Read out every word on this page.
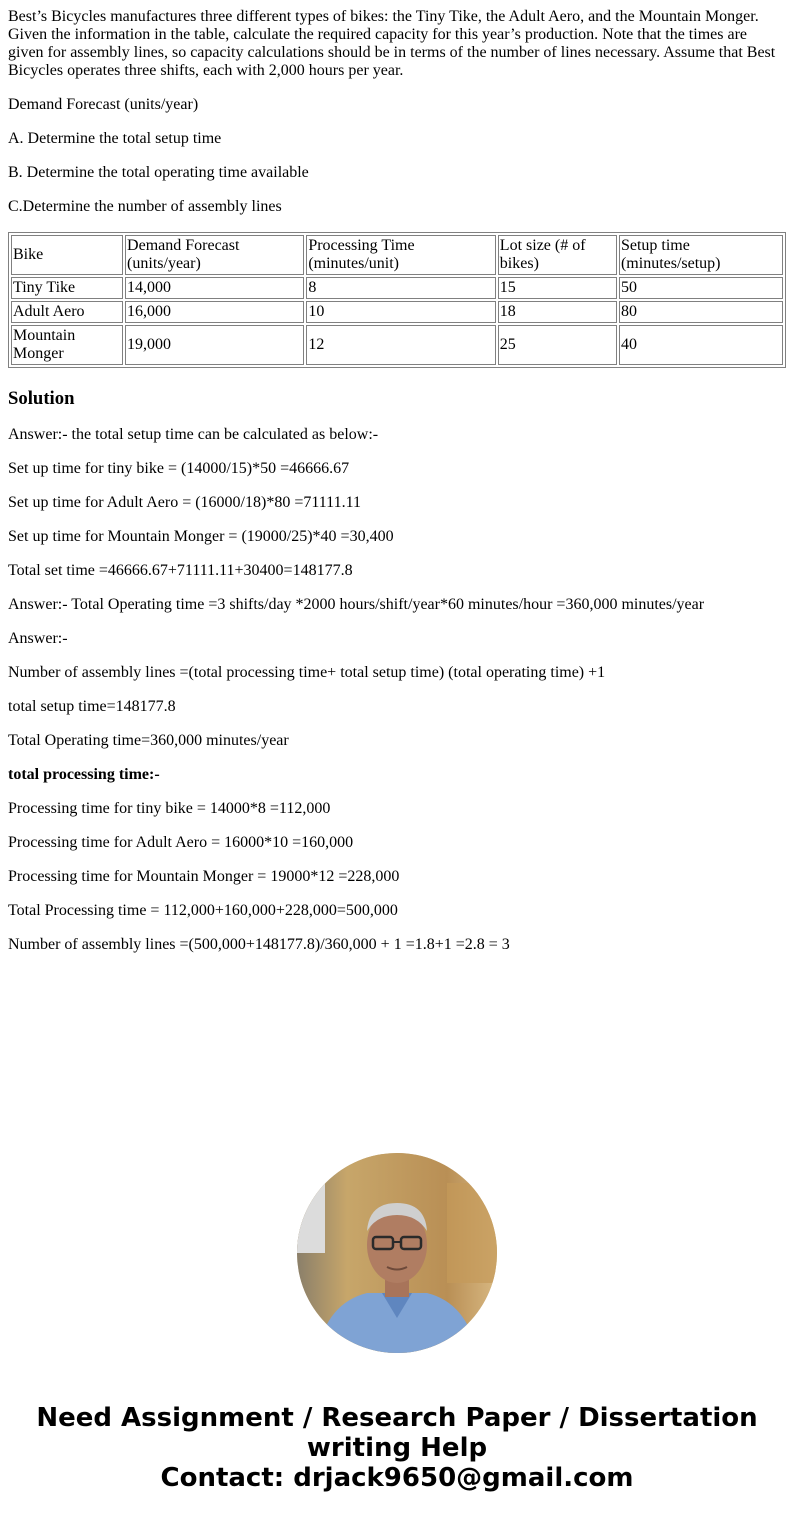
Best’s Bicycles manufactures three different types of bikes: the Tiny Tike, the Adult Aero, and the Mountain Monger. Given the information in the table, calculate the required capacity for this year’s production. Note that the times are given for assembly lines, so capacity calculations should be in terms of the number of lines necessary. Assume that Best Bicycles operates three shifts, each with 2,000 hours per year.

Demand Forecast (units/year)

A. Determine the total setup time

B. Determine the total operating time available

C.Determine the number of assembly lines

Bike	Demand Forecast (units/year)	Processing Time (minutes/unit)	Lot size (# of bikes)	Setup time (minutes/setup)
Tiny Tike	14,000	8	15	50
Adult Aero	16,000	10	18	80
Mountain Monger	19,000	12	25	40
Solution

Answer:- the total setup time can be calculated as below:-

Set up time for tiny bike = (14000/15)*50 =46666.67

Set up time for Adult Aero = (16000/18)*80 =71111.11

Set up time for Mountain Monger = (19000/25)*40 =30,400

Total set time =46666.67+71111.11+30400=148177.8

Answer:- Total Operating time =3 shifts/day *2000 hours/shift/year*60 minutes/hour =360,000 minutes/year

Answer:-

Number of assembly lines =(total processing time+ total setup time) (total operating time) +1

total setup time=148177.8

Total Operating time=360,000 minutes/year

total processing time:-

Processing time for tiny bike = 14000*8 =112,000

Processing time for Adult Aero = 16000*10 =160,000

Processing time for Mountain Monger = 19000*12 =228,000

Total Processing time = 112,000+160,000+228,000=500,000

Number of assembly lines =(500,000+148177.8)/360,000 + 1 =1.8+1 =2.8 = 3

Need Assignment / Research Paper / Dissertation writing Help
Contact: drjack9650@gmail.com
